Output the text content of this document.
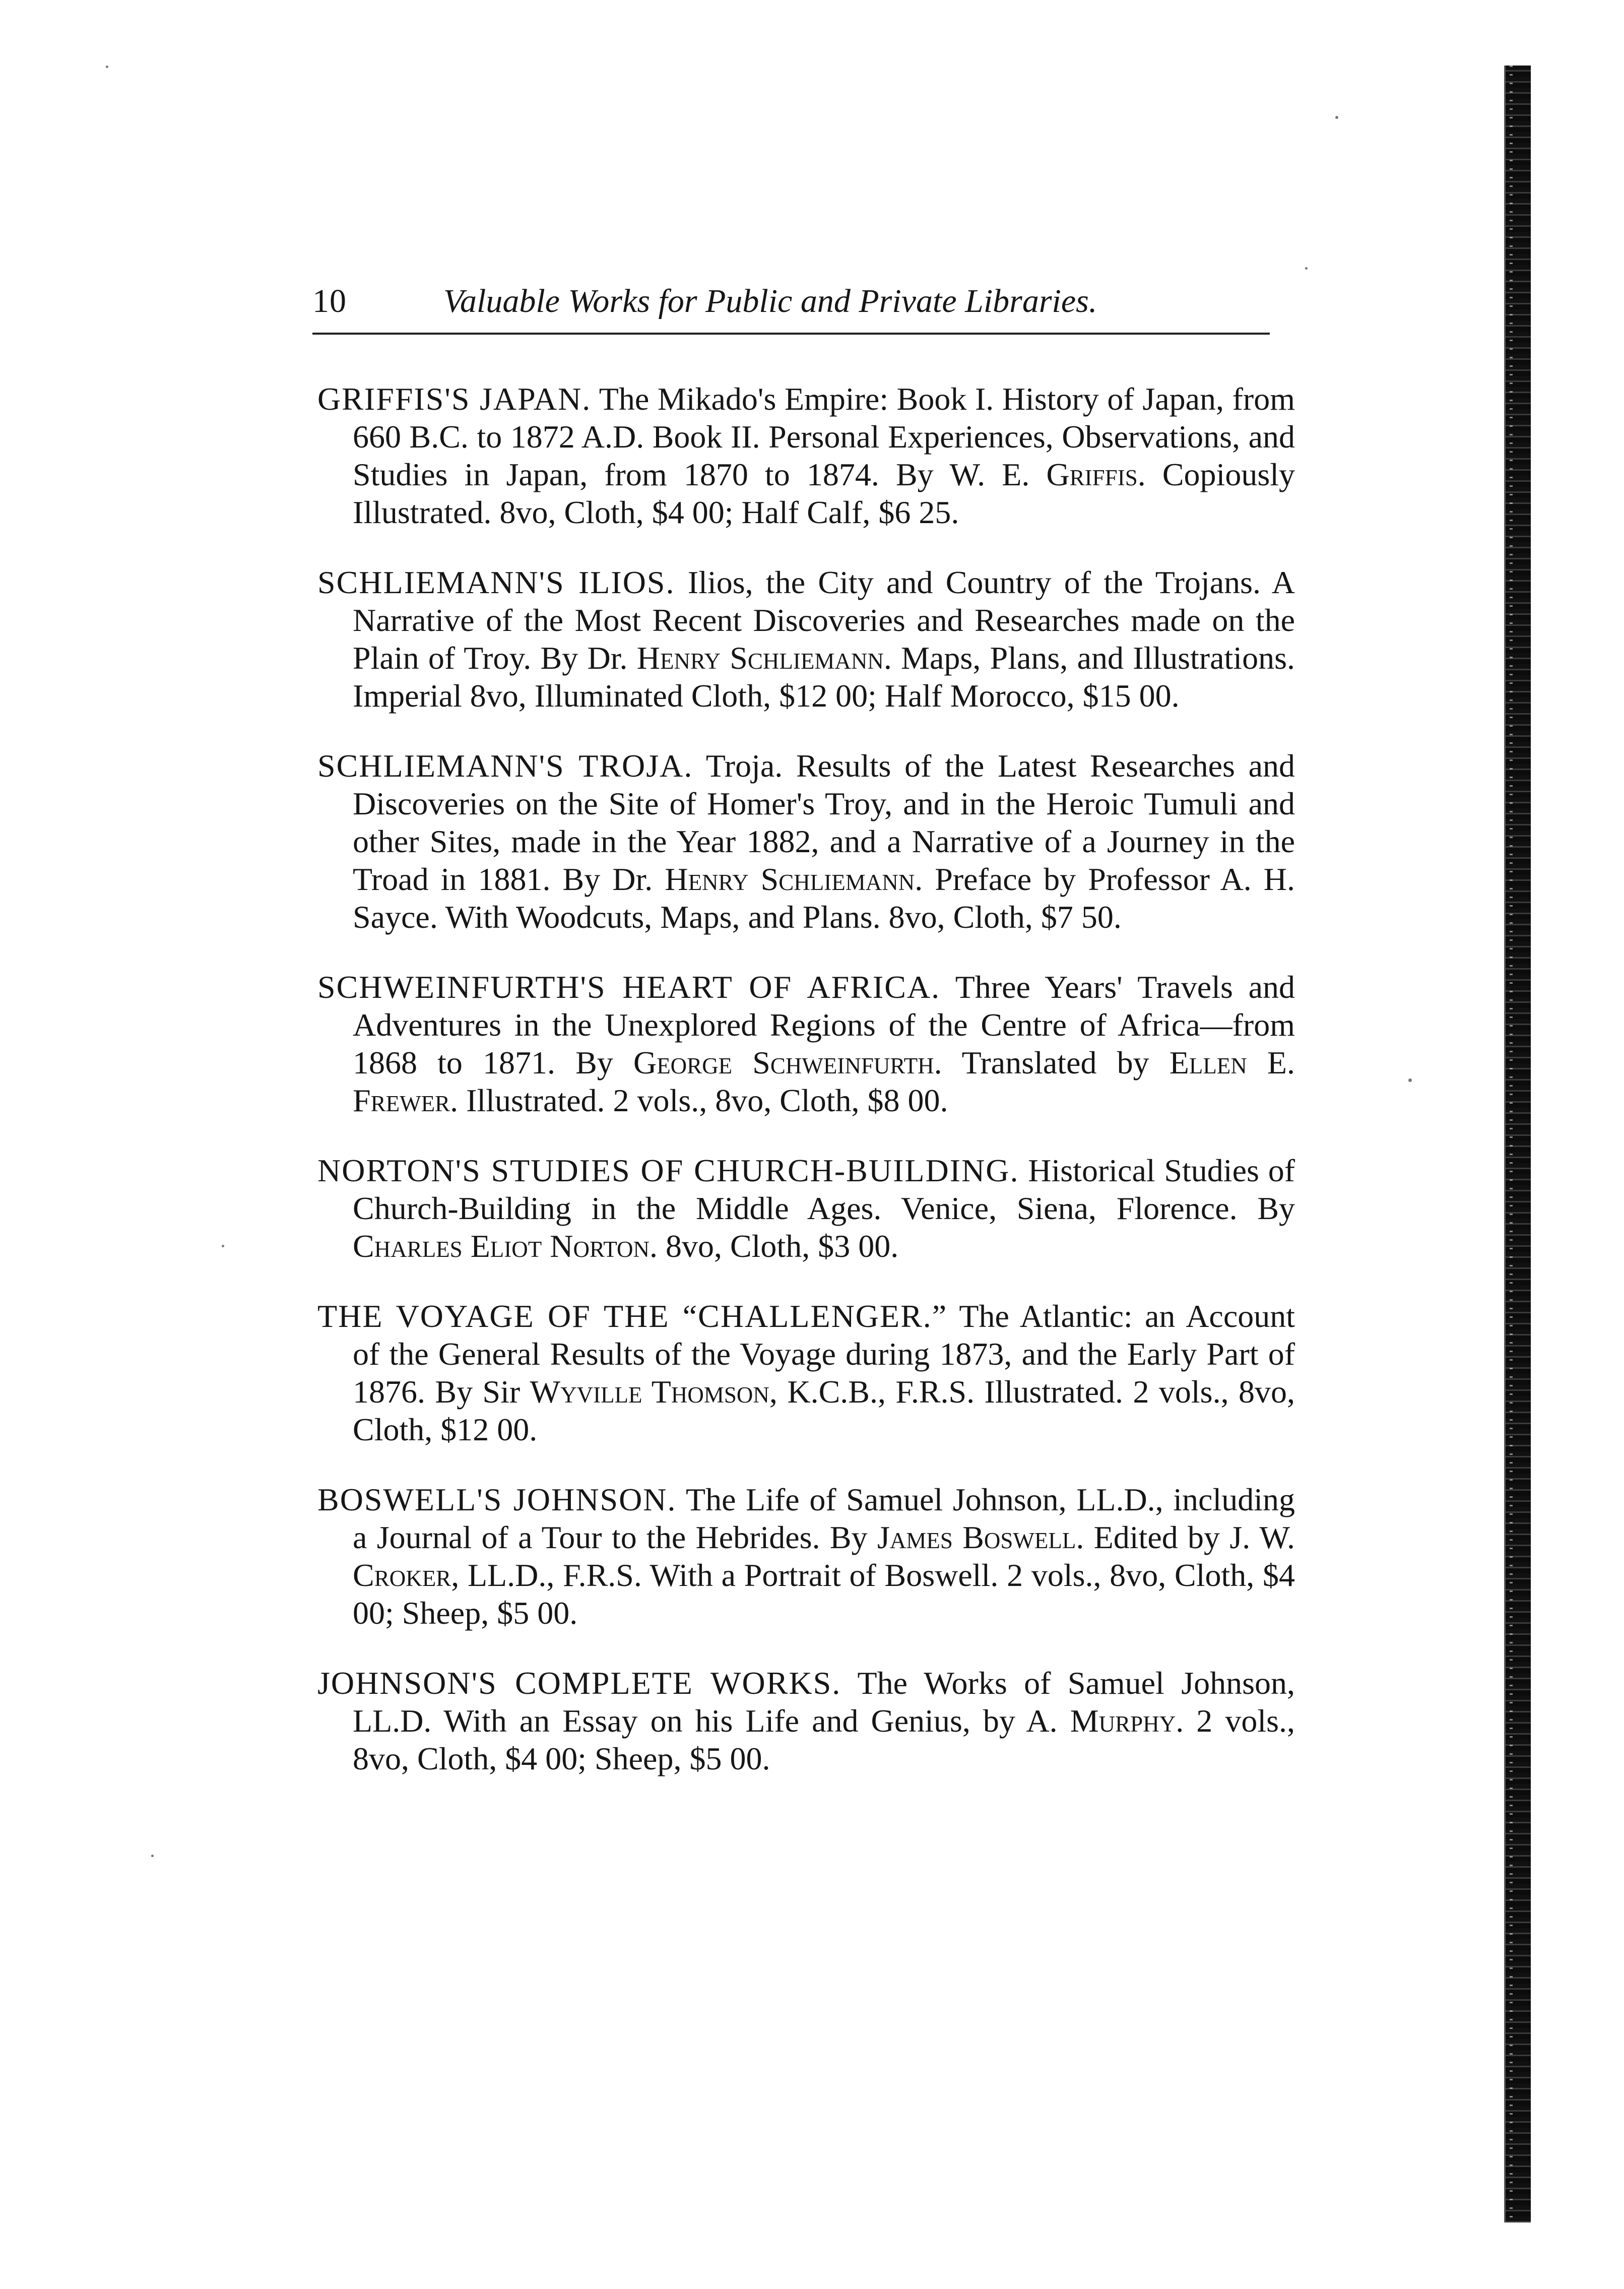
10	Valuable Works for Public and Private Libraries.

GRIFFIS'S JAPAN. The Mikado's Empire: Book I. History of Japan, from 660 B.C. to 1872 A.D. Book II. Personal Experiences, Observations, and Studies in Japan, from 1870 to 1874. By W. E. Griffis. Copiously Illustrated. 8vo, Cloth, $4 00; Half Calf, $6 25.

SCHLIEMANN'S ILIOS. Ilios, the City and Country of the Trojans. A Narrative of the Most Recent Discoveries and Researches made on the Plain of Troy. By Dr. Henry Schliemann. Maps, Plans, and Illustrations. Imperial 8vo, Illuminated Cloth, $12 00; Half Morocco, $15 00.

SCHLIEMANN'S TROJA. Troja. Results of the Latest Researches and Discoveries on the Site of Homer's Troy, and in the Heroic Tumuli and other Sites, made in the Year 1882, and a Narrative of a Journey in the Troad in 1881. By Dr. Henry Schliemann. Preface by Professor A. H. Sayce. With Woodcuts, Maps, and Plans. 8vo, Cloth, $7 50.

SCHWEINFURTH'S HEART OF AFRICA. Three Years' Travels and Adventures in the Unexplored Regions of the Centre of Africa—from 1868 to 1871. By George Schweinfurth. Translated by Ellen E. Frewer. Illustrated. 2 vols., 8vo, Cloth, $8 00.

NORTON'S STUDIES OF CHURCH-BUILDING. Historical Studies of Church-Building in the Middle Ages. Venice, Siena, Florence. By Charles Eliot Norton. 8vo, Cloth, $3 00.

THE VOYAGE OF THE “CHALLENGER.” The Atlantic: an Account of the General Results of the Voyage during 1873, and the Early Part of 1876. By Sir Wyville Thomson, K.C.B., F.R.S. Illustrated. 2 vols., 8vo, Cloth, $12 00.

BOSWELL'S JOHNSON. The Life of Samuel Johnson, LL.D., including a Journal of a Tour to the Hebrides. By James Boswell. Edited by J. W. Croker, LL.D., F.R.S. With a Portrait of Boswell. 2 vols., 8vo, Cloth, $4 00; Sheep, $5 00.

JOHNSON'S COMPLETE WORKS. The Works of Samuel Johnson, LL.D. With an Essay on his Life and Genius, by A. Murphy. 2 vols., 8vo, Cloth, $4 00; Sheep, $5 00.
